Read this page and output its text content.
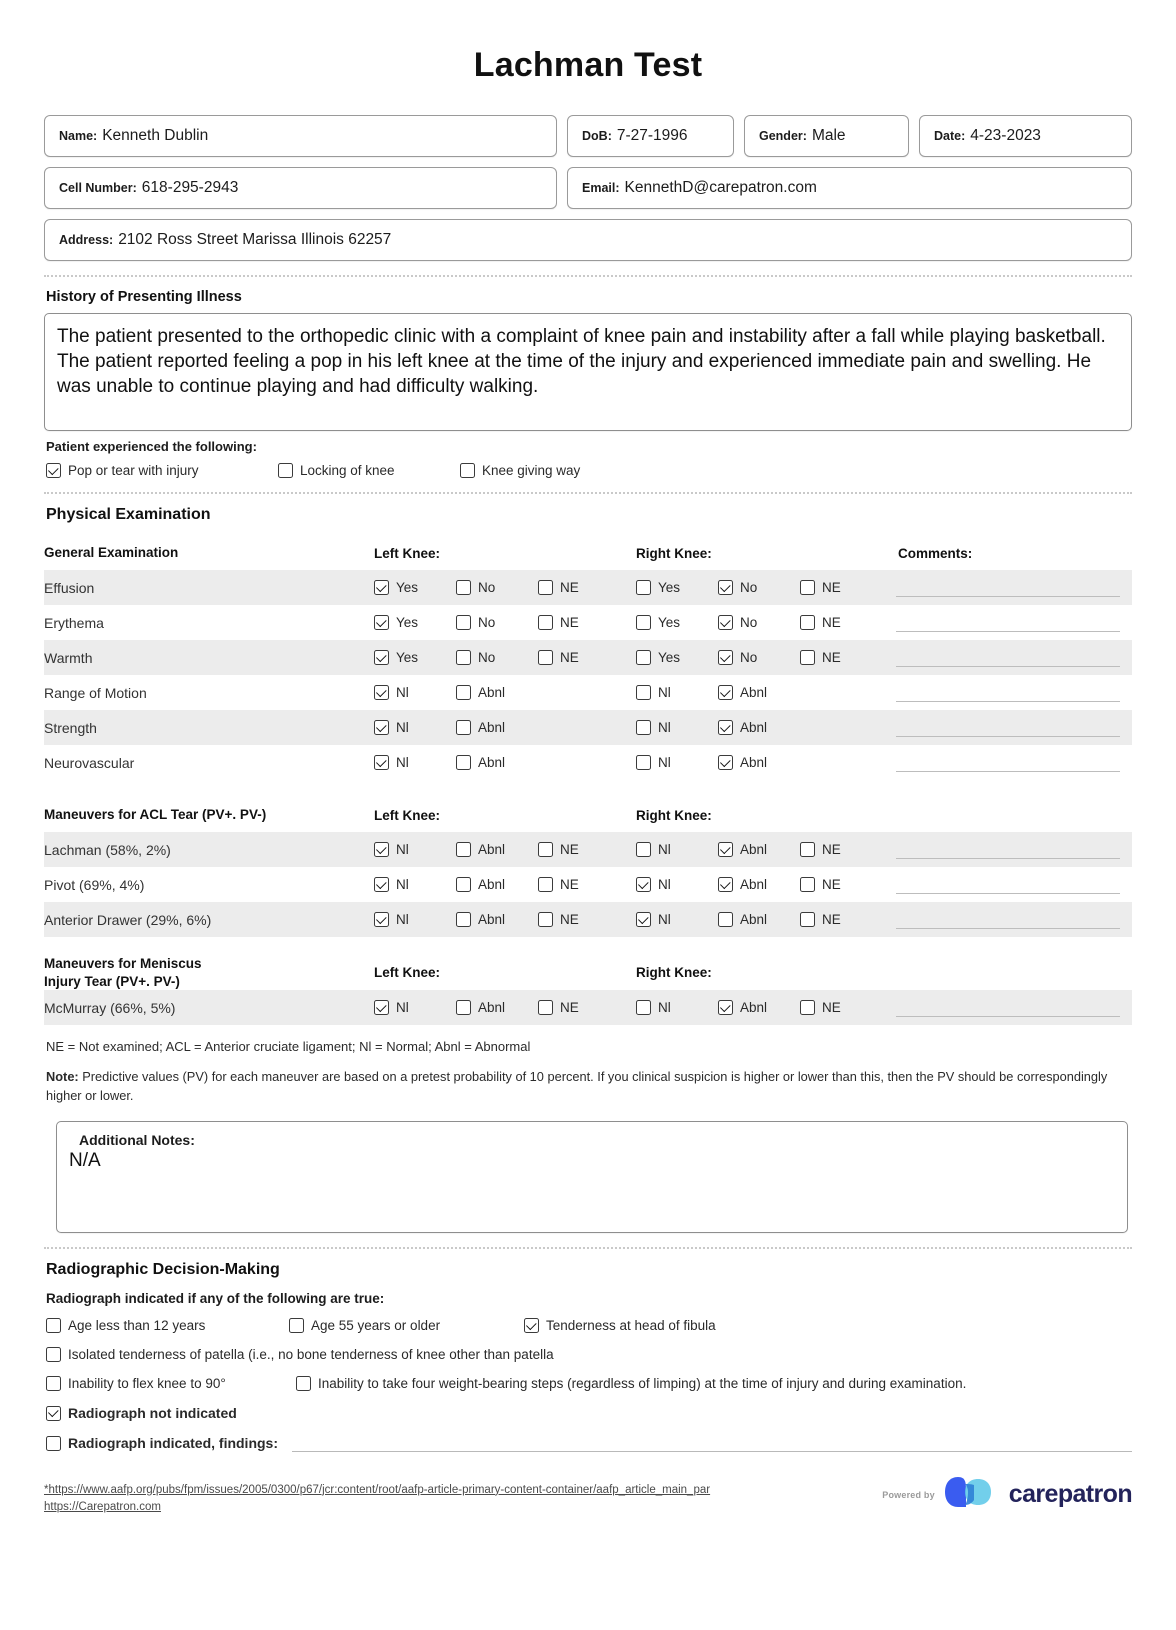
Lachman Test
Name: Kenneth Dublin	DoB: 7-27-1996	Gender: Male	Date: 4-23-2023
Cell Number: 618-295-2943	Email: KennethD@carepatron.com
Address: 2102 Ross Street Marissa Illinois 62257
History of Presenting Illness
The patient presented to the orthopedic clinic with a complaint of knee pain and instability after a fall while playing basketball. The patient reported feeling a pop in his left knee at the time of the injury and experienced immediate pain and swelling. He was unable to continue playing and had difficulty walking.
Patient experienced the following:
Pop or tear with injury	Locking of knee	Knee giving way
Physical Examination
General Examination	Left Knee:	Right Knee:	Comments:
Effusion	Yes No NE	Yes No NE	

Erythema	Yes No NE	Yes No NE	

Warmth	Yes No NE	Yes No NE	

Range of Motion	Nl Abnl	Nl Abnl	

Strength	Nl Abnl	Nl Abnl	

Neurovascular	Nl Abnl	Nl Abnl	

Maneuvers for ACL Tear (PV+. PV-)	Left Knee:	Right Knee:	
Lachman (58%, 2%)	Nl Abnl NE	Nl Abnl NE	

Pivot (69%, 4%)	Nl Abnl NE	Nl Abnl NE	

Anterior Drawer (29%, 6%)	Nl Abnl NE	Nl Abnl NE	

Maneuvers for Meniscus
Injury Tear (PV+. PV-)	Left Knee:	Right Knee:	
McMurray (66%, 5%)	Nl Abnl NE	Nl Abnl NE	

NE = Not examined; ACL = Anterior cruciate ligament; Nl = Normal; Abnl = Abnormal
Note: Predictive values (PV) for each maneuver are based on a pretest probability of 10 percent. If you clinical suspicion is higher or lower than this, then the PV should be correspondingly higher or lower.
Additional Notes:
N/A
Radiographic Decision-Making
Radiograph indicated if any of the following are true:
Age less than 12 years	Age 55 years or older	Tenderness at head of fibula
Isolated tenderness of patella (i.e., no bone tenderness of knee other than patella
Inability to flex knee to 90°	Inability to take four weight-bearing steps (regardless of limping) at the time of injury and during examination.
Radiograph not indicated
Radiograph indicated, findings:
*https://www.aafp.org/pubs/fpm/issues/2005/0300/p67/jcr:content/root/aafp-article-primary-content-container/aafp_article_main_par
https://Carepatron.com
Powered by	carepatron
